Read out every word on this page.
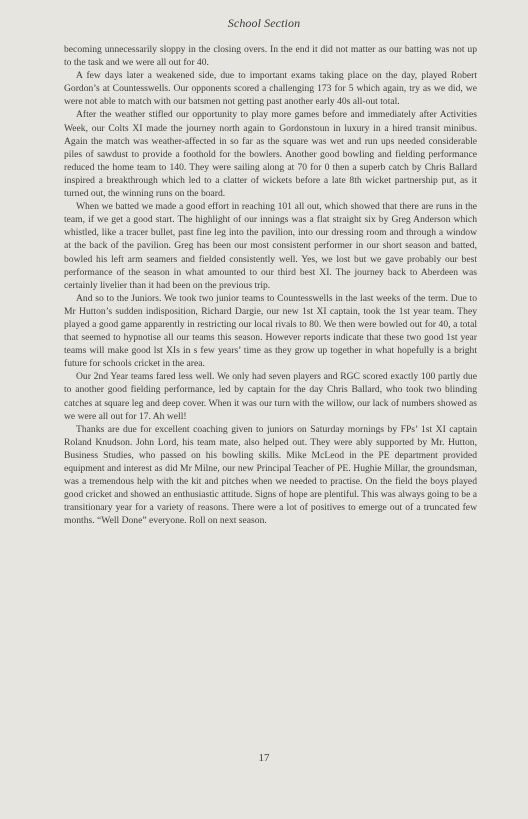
School Section

becoming unnecessarily sloppy in the closing overs. In the end it did not matter as our batting was not up to the task and we were all out for 40.

A few days later a weakened side, due to important exams taking place on the day, played Robert Gordon’s at Countesswells. Our opponents scored a challenging 173 for 5 which again, try as we did, we were not able to match with our batsmen not getting past another early 40s all-out total.

After the weather stifled our opportunity to play more games before and immediately after Activities Week, our Colts XI made the journey north again to Gordonstoun in luxury in a hired transit minibus. Again the match was weather-affected in so far as the square was wet and run ups needed considerable piles of sawdust to provide a foothold for the bowlers. Another good bowling and fielding performance reduced the home team to 140. They were sailing along at 70 for 0 then a superb catch by Chris Ballard inspired a breakthrough which led to a clatter of wickets before a late 8th wicket partnership put, as it turned out, the winning runs on the board.

When we batted we made a good effort in reaching 101 all out, which showed that there are runs in the team, if we get a good start. The highlight of our innings was a flat straight six by Greg Anderson which whistled, like a tracer bullet, past fine leg into the pavilion, into our dressing room and through a window at the back of the pavilion. Greg has been our most consistent performer in our short season and batted, bowled his left arm seamers and fielded consistently well. Yes, we lost but we gave probably our best performance of the season in what amounted to our third best XI. The journey back to Aberdeen was certainly livelier than it had been on the previous trip.

And so to the Juniors. We took two junior teams to Countesswells in the last weeks of the term. Due to Mr Hutton’s sudden indisposition, Richard Dargie, our new 1st XI captain, took the 1st year team. They played a good game apparently in restricting our local rivals to 80. We then were bowled out for 40, a total that seemed to hypnotise all our teams this season. However reports indicate that these two good 1st year teams will make good lst XIs in s few years’ time as they grow up together in what hopefully is a bright future for schools cricket in the area.

Our 2nd Year teams fared less well. We only had seven players and RGC scored exactly 100 partly due to another good fielding performance, led by captain for the day Chris Ballard, who took two blinding catches at square leg and deep cover. When it was our turn with the willow, our lack of numbers showed as we were all out for 17. Ah well!

Thanks are due for excellent coaching given to juniors on Saturday mornings by FPs’ 1st XI captain Roland Knudson. John Lord, his team mate, also helped out. They were ably supported by Mr. Hutton, Business Studies, who passed on his bowling skills. Mike McLeod in the PE department provided equipment and interest as did Mr Milne, our new Principal Teacher of PE. Hughie Millar, the groundsman, was a tremendous help with the kit and pitches when we needed to practise. On the field the boys played good cricket and showed an enthusiastic attitude. Signs of hope are plentiful. This was always going to be a transitionary year for a variety of reasons. There were a lot of positives to emerge out of a truncated few months. “Well Done” everyone. Roll on next season.

17
